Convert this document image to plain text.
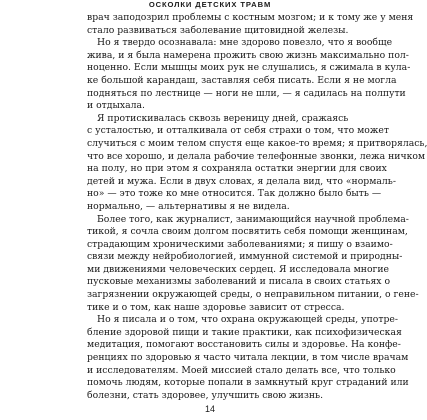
ОСКОЛКИ ДЕТСКИХ ТРАВМ
врач заподозрил проблемы с костным мозгом; и к тому же у меня
стало развиваться заболевание щитовидной железы.
Но я твердо осознавала: мне здорово повезло, что я вообще
жива, и я была намерена прожить свою жизнь максимально пол-
ноценно. Если мышцы моих рук не слушались, я сжимала в кула-
ке большой карандаш, заставляя себя писать. Если я не могла
подняться по лестнице — ноги не шли, — я садилась на полпути
и отдыхала.
Я протискивалась сквозь вереницу дней, сражаясь
с усталостью, и отталкивала от себя страхи о том, что может
случиться с моим телом спустя еще какое-то время; я притворялась,
что все хорошо, и делала рабочие телефонные звонки, лежа ничком
на полу, но при этом я сохраняла остатки энергии для своих
детей и мужа. Если в двух словах, я делала вид, что «нормаль-
но» — это тоже ко мне относится. Так должно было быть —
нормально, — альтернативы я не видела.
Более того, как журналист, занимающийся научной проблема-
тикой, я сочла своим долгом посвятить себя помощи женщинам,
страдающим хроническими заболеваниями; я пишу о взаимо-
связи между нейробиологией, иммунной системой и природны-
ми движениями человеческих сердец. Я исследовала многие
пусковые механизмы заболеваний и писала в своих статьях о
загрязнении окружающей среды, о неправильном питании, о гене-
тике и о том, как наше здоровье зависит от стресса.
Но я писала и о том, что охрана окружающей среды, употре-
бление здоровой пищи и такие практики, как психофизическая
медитация, помогают восстановить силы и здоровье. На конфе-
ренциях по здоровью я часто читала лекции, в том числе врачам
и исследователям. Моей миссией стало делать все, что только
помочь людям, которые попали в замкнутый круг страданий или
болезни, стать здоровее, улучшить свою жизнь.
14
